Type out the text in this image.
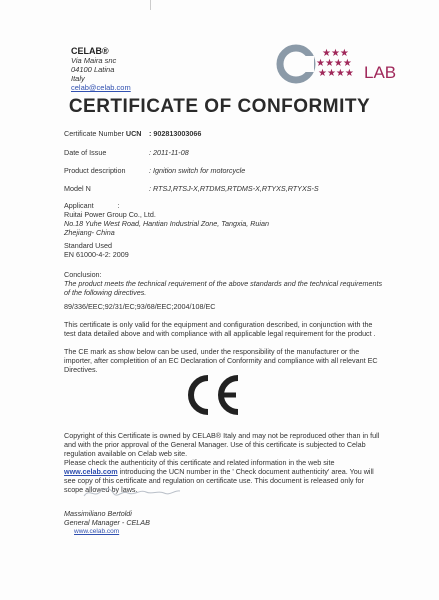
CELAB®
Via Maira snc
04100 Latina
Italy
celab@celab.com
★★★
★★★★
★★★★ LAB
CERTIFICATE OF CONFORMITY
Certificate Number UCN : 902813003066
Date of Issue	: 2011-11-08
Product description	: Ignition switch for motorcycle
Model N	: RTSJ,RTSJ-X,RTDMS,RTDMS-X,RTYXS,RTYXS-S
Applicant	:
Ruitai Power Group Co., Ltd.
No.18 Yuhe West Road, Hantian Industrial Zone, Tangxia, Ruian
Zhejiang- China
Standard Used
EN 61000-4-2: 2009
Conclusion:
The product meets the technical requirement of the above standards and the technical requirements of the following directives.
89/336/EEC;92/31/EC;93/68/EEC;2004/108/EC
This certificate is only valid for the equipment and configuration described, in conjunction with the test data detailed above and with compliance with all applicable legal requirement for the product .
The CE mark as show below can be used, under the responsibility of the manufacturer or the importer, after completition of an EC Declaration of Conformity and compliance with all relevant EC Directives.
Copyright of this Certificate is owned by CELAB® Italy and may not be reproduced other than in full and with the prior approval of the General Manager. Use of this certificate is subjected to Celab regulation available on Celab web site.
Please check the authenticity of this certificate and related information in the web site www.celab.com introducing the UCN number in the ' Check document authenticity' area. You will see copy of this certificate and regulation on certificate use. This document is released only for scope allowed by laws.
Massimiliano Bertoldi
General Manager - CELAB
www.celab.com
